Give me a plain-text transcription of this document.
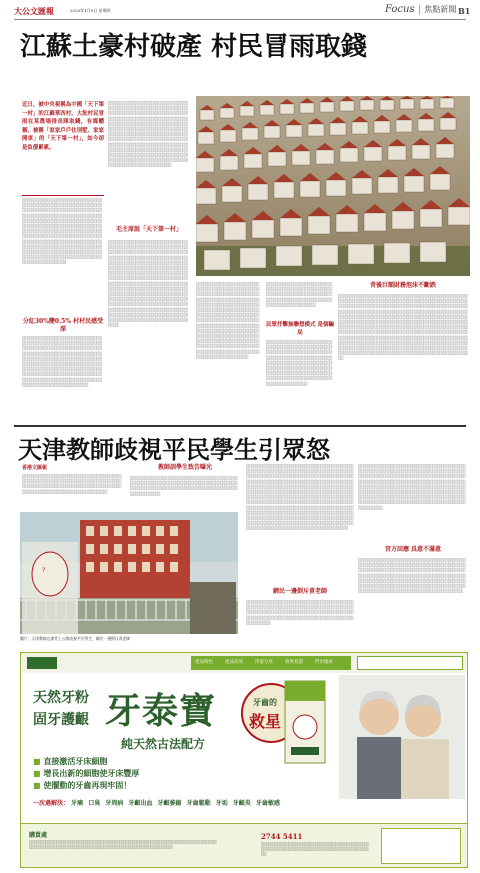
大公文匯報	2020年1月9日 星期四	Focus | 焦點新聞 B1
江蘇土豪村破產 村民冒雨取錢
近日，被中央視稱為中國「天下第一村」的江蘇華西村，大批村民冒雨在某農場排長隊取錢，有媒體稱，被稱「家家戶戶住別墅、家家開車」的「天下第一村」，如今卻是負債累累。
░░░░░░░░░░░░░░░░░░░░░░░░░░░░░░░░░░░░░░░░░░░░░░░░░░░░░░░░░░░░░░░░░░░░░░░░░░░░░░░░░░░░░░░░░░░░░░░░░░░░░░░░░░░░░░░░░░░░░░░░░░░░░░░░░░░░░░░░░░░░░░░░░░░░░░░░░░░░░░░░░░░░░░░░░░░░░░░░░░░░░░░░░░░░░░░░░░░░░░░░░░░░░░░░░░░░░░░░░░░░░░░░░░░░░░░░░░░░░░░░░░░░░░░░░░░░░░░░░░░░░░░░░░░░░░░░░░░░░░░░░░░░░░░░░░░░░░░░░░░░░░░░░░░░░░░░░░░░░░░░░░░░░░░░░░░░░░░░░░░░░░░░░░░░░░░░░░░░░░░░░░░░
分紅30%變0.5% 村村民感受深
░░░░░░░░░░░░░░░░░░░░░░░░░░░░░░░░░░░░░░░░░░░░░░░░░░░░░░░░░░░░░░░░░░░░░░░░░░░░░░░░░░░░░░░░░░░░░░░░░░░░░░░░░░░░░░░░░░░░░░░░░░░░░░░░░░░░░░░░░░░░░░░░░░░░░░░░░░░░░░░░░░░░░░░░░░░░░░░░░░░░░░░░░░░░░░░░░░░░░░░░░░░░░░░░░░░░░░░░░░░░░░░░░░░░░░░░░░░░░░░░░░░░░░░░░░░░░░░░░░░░░░░░░░░░░░░░░░░░░░░░░░░░░
░░░░░░░░░░░░░░░░░░░░░░░░░░░░░░░░░░░░░░░░░░░░░░░░░░░░░░░░░░░░░░░░░░░░░░░░░░░░░░░░░░░░░░░░░░░░░░░░░░░░░░░░░░░░░░░░░░░░░░░░░░░░░░░░░░░░░░░░░░░░░░░░░░░░░░░░░░░░░░░░░░░░░░░░░░░░░░░░░░░░░░░░░░░░░░░░░░░░░░░░░░░░░░░░░░░░░░░░░░░░░░░░░░░░░░░░░░░░░░░░░░░░░░░░░░░░░░░░░░░░░░░░░░░░░░░░░░░░░░░░░░░░░░░░░░░░░░░░░░░░░░░░░░░░░░░░░░░░░░░░░░░░░░░░░░░░░░░░░░░░░░░░░░░░░░░░░░░░░░░░░░░░░░░░░░░
毛主席說「天下第一村」
░░░░░░░░░░░░░░░░░░░░░░░░░░░░░░░░░░░░░░░░░░░░░░░░░░░░░░░░░░░░░░░░░░░░░░░░░░░░░░░░░░░░░░░░░░░░░░░░░░░░░░░░░░░░░░░░░░░░░░░░░░░░░░░░░░░░░░░░░░░░░░░░░░░░░░░░░░░░░░░░░░░░░░░░░░░░░░░░░░░░░░░░░░░░░░░░░░░░░░░░░░░░░░░░░░░░░░░░░░░░░░░░░░░░░░░░░░░░░░░░░░░░░░░░░░░░░░░░░░░░░░░░░░░░░░░░░░░░░░░░░░░░░░░░░░░░░░░░░░░░░░░░░░░░░░░░░░░░░░░░░░░░░░░░░░░░░░░░░░░░░░░░░░░░░░░░░░░░░░░░░░░░░░░░░░░░░░░░░░░░░░░░░░░░░░░░░░░░░░░░░░░░░░░░░░░░░░░░░░░░░░░░░░░░░░░░░░░░░░░░░░░░░░░░░░░░░░░░░░░░░░░░░░░░
░░░░░░░░░░░░░░░░░░░░░░░░░░░░░░░░░░░░░░░░░░░░░░░░░░░░░░░░░░░░░░░░░░░░░░░░░░░░░░░░░░░░░░░░░░░░░░░░░░░░░░░░░░░░░░░░░░░░░░░░░░░░░░░░░░░░░░░░░░░░░░░░░░░░░░░░░░░░░░░░░░░░░░░░░░░░░░░░░░░░░░░░░░░░░░░░░░░░░░░░░░░░░░░░░░░░░░░░░░░░░░░░░░░░░░░░░░░░░░░░░░░░░░░░░░░░░░░░░░░░░░░░░░░░░░░░░░░░░░░░░░░░░░░░░░░░░░░░░░░░░░░░░░░░░░░░░░░░░░░░░░░░░░░░░░░░░░░░░░░░░
民眾抒擊無聯想模式 是個騙局
░░░░░░░░░░░░░░░░░░░░░░░░░░░░░░░░░░░░░░░░░░░░░░░░░░░░░░░░░░░░░░░░░░░░░░░░░░░░░░░░░░░░░░░░░░░░░░░░░░░░░░░░░░░░░░░░░░
░░░░░░░░░░░░░░░░░░░░░░░░░░░░░░░░░░░░░░░░░░░░░░░░░░░░░░░░░░░░░░░░░░░░░░░░░░░░░░░░░░░░░░░░░░░░░░░░░░░░░░░░░░░░░░░░░░░░░░░░░░░░░░░░░░░░░░░░░░░░░░░░░░░░░░░░░░░░░░░░░░░░░░░░░░░░░░░░░░░░░░░░░░░░░░░░░░░░░░░░░░░░░░░
背後巨額財務泡沫不斷跌
░░░░░░░░░░░░░░░░░░░░░░░░░░░░░░░░░░░░░░░░░░░░░░░░░░░░░░░░░░░░░░░░░░░░░░░░░░░░░░░░░░░░░░░░░░░░░░░░░░░░░░░░░░░░░░░░░░░░░░░░░░░░░░░░░░░░░░░░░░░░░░░░░░░░░░░░░░░░░░░░░░░░░░░░░░░░░░░░░░░░░░░░░░░░░░░░░░░░░░░░░░░░░░░░░░░░░░░░░░░░░░░░░░░░░░░░░░░░░░░░░░░░░░░░░░░░░░░░░░░░░░░░░░░░░░░░░░░░░░░░░░░░░░░░░░░░░░░░░░░░░░░░░░░░░░░░░░░░░░░░░░░░░░░░░░░░░░░░░░░░░░░░░░░░░░░░░░░░░░░░░░░░░░░░░░░░░░░░░░░░░░░░░░░░░░░░░░░░░░░░░░░░░░░░░░░░░░░░░░░░░░░░░░░░░░░░░░░░░░░░░░░░░░░░░░░░░░░░░░░░░░░░░░░░░░░░░░░░░░░░░░░░░░░░░░░░░░░░░░░░░░░░░░░░░░░░░░░░░░░░░░░░░░░░░░░░░░░░░░░░░░░░░░░░░░░░░░░░░░░░░░░░░░
天津教師歧視平民學生引眾怒
香港文匯報
░░░░░░░░░░░░░░░░░░░░░░░░░░░░░░░░░░░░░░░░░░░░░░░░░░░░░░░░░░░░░░░░░░░░░░░░░░░░░░░░░░░░░░░░░░░░░░░░░░░░░░░░░░░░░░░░░░░░░░░░░░░░░░░░░░░░░░░░░░░
教師訓學生致告曝光
░░░░░░░░░░░░░░░░░░░░░░░░░░░░░░░░░░░░░░░░░░░░░░░░░░░░░░░░░░░░░░░░░░░░░░░░░░░░░░░░░░░░░░░░░░░░░░░░░░░░░░░░░░░░░░░░░░░░░░░░░░░░░░░░
?
圖片：天津教師在課堂上公開歧視平民學生，網民一邊倒斥責老師
░░░░░░░░░░░░░░░░░░░░░░░░░░░░░░░░░░░░░░░░░░░░░░░░░░░░░░░░░░░░░░░░░░░░░░░░░░░░░░░░░░░░░░░░░░░░░░░░░░░░░░░░░░░░░░░░░░░░░░░░░░░░░░░░░░░░░░░░░░░░░░░░░░░░░░░░░░░░░░░░░░░░░░░░░░░░░░░░░░░░░░░░░░░░░░░░░░░░░░░░░░░░░░░░░░░░░░░░░░░░░░░░░░░░░░░░░░░░░░░░░░░░░░░░░░░░░░░░░░░░░░░░░░░░░░░░░░░░░░░░░░░░░░░░░░░░░░░░░░░░░░░░░░░░░░░░░░░░░░░░░░░░░░░░░░░░░░░░░░░░░░░░░░░░░░░░░░░░░░░░░░░░░░░░░░░░░░░░░░░░░░░░░░░░░░░░░░░░░░░░░░░░░░░░░░░░░░░░░░░░░░░░░░░░░░░░░░░░░░░░░░░░░░░░░░░░░░░░░░░░░░░░░░░░░░░░░░░░░░░░░░░░░░░░░░░░░░░░░░░░░░░░░
網民一邊倒斥責老師
░░░░░░░░░░░░░░░░░░░░░░░░░░░░░░░░░░░░░░░░░░░░░░░░░░░░░░░░░░░░░░░░░░░░░░░░░░░░░░░░░░░░░░░░░░░░░░░░░░░░░░░░░░░░░░░░░░░░░░░░░░░░░░░░░░░░░░░░░░░░░░░░░░░░░░░░░░░░░░░░░░░░░
░░░░░░░░░░░░░░░░░░░░░░░░░░░░░░░░░░░░░░░░░░░░░░░░░░░░░░░░░░░░░░░░░░░░░░░░░░░░░░░░░░░░░░░░░░░░░░░░░░░░░░░░░░░░░░░░░░░░░░░░░░░░░░░░░░░░░░░░░░░░░░░░░░░░░░░░░░░░░░░░░░░░░░░░░░░░░░░░░░░░░░░░░░░░░░░░░░░░░░░░░░░░░░░░░░░░░░░░░░░░░░░░░░░░░░░░░░░░░░░░░░░░░░░░░░░░░░░░░░░░░░░░░░░░░░░░░░░░░░░░░░░░░░░░░░░░░░░░░░░░░░░░░░░░░░░░░░░░░░░░░
官方回應 具意不滿意
░░░░░░░░░░░░░░░░░░░░░░░░░░░░░░░░░░░░░░░░░░░░░░░░░░░░░░░░░░░░░░░░░░░░░░░░░░░░░░░░░░░░░░░░░░░░░░░░░░░░░░░░░░░░░░░░░░░░░░░░░░░░░░░░░░░░░░░░░░░░░░░░░░░░░░░░░░░░░░░░░░░░░░░░░░░░░░░░░░░░░░░░░░░░░░░░░░░░░░░░░░░░░░░░░░░░░░░░░░░░░░░░░░░░░░░░░░░░░░░░░░░░░░░░░░░░░░░░░░░░░░░░░░░░░░░░
產品特色	產品功效	用家分享	效果見證	門市地址
天然牙粉
固牙護齦 牙泰寶
純天然古法配方
牙齒的
救星
■ 直接激活牙床細胞
■ 增長出新的細胞使牙床豐厚
■ 使擺動的牙齒再現牢固！
一次過解決： 牙痛 口臭 牙周病 牙齦出血 牙齦萎縮 牙齒鬆動 牙垢 牙齦炎 牙齒敏感
購買處
░░░░░░░░░░░░░░░░░░░░░░░░░░░░░░░░░░░░░░░░░░░░░░░░░░░░░░░░░░░░░░░░░░░░░░░░░░░░░░░░░░░░░░░░░░░░░░░░░░░░░░░░░░░░░░░░░░░░░░░░
2744 5411
░░░░░░░░░░░░░░░░░░░░░░░░░░░░░░░░░░░░░░░░░░░░░░░░░░░░░░░░░░░░░░░░░░░░░░░░░░░░░░░░
